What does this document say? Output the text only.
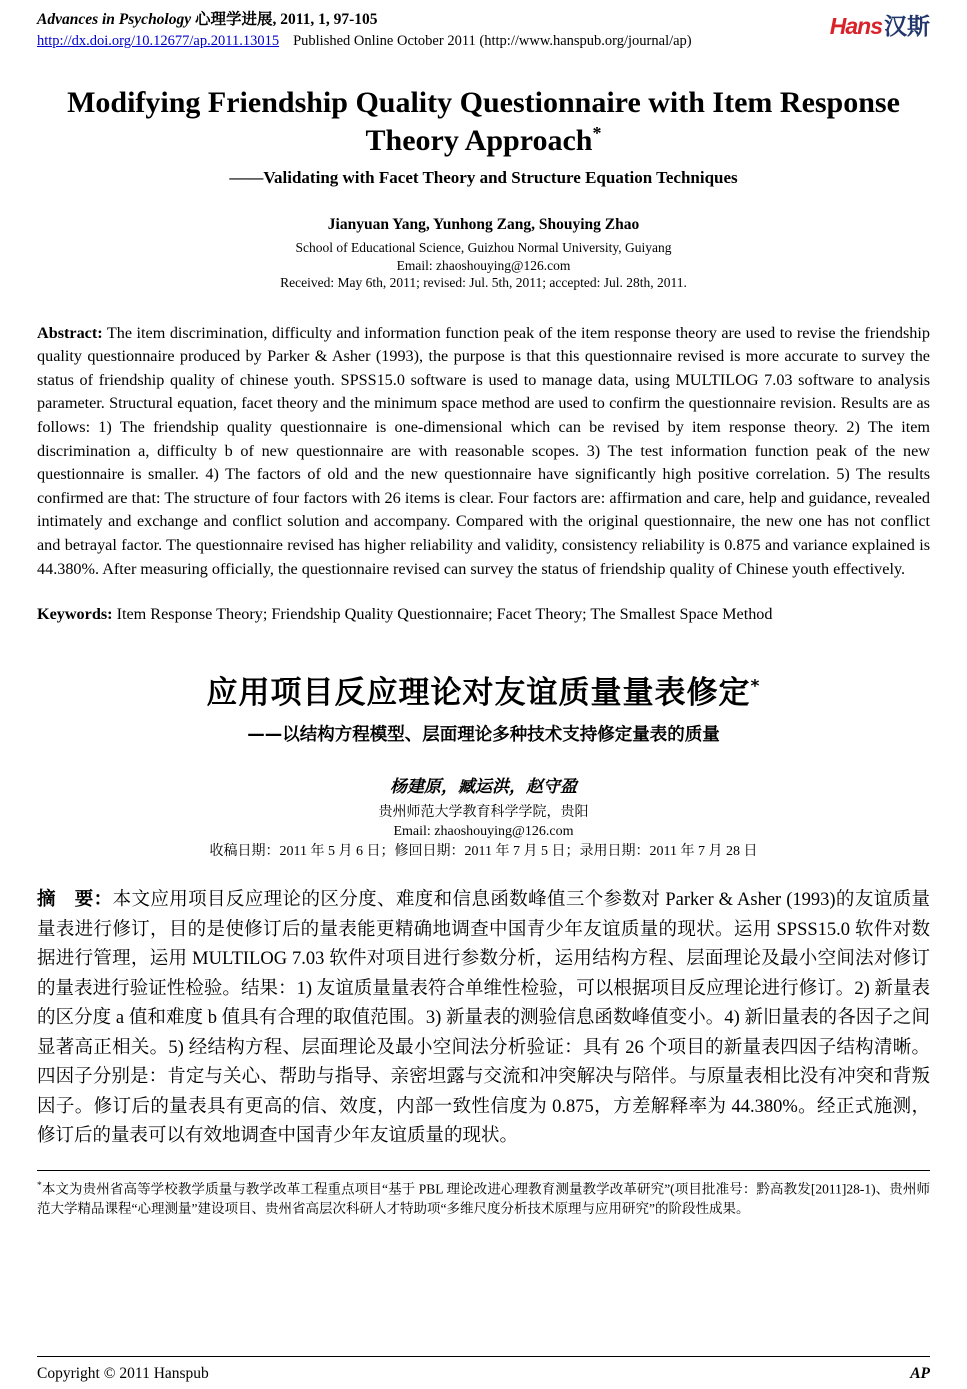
Advances in Psychology 心理学进展, 2011, 1, 97-105
http://dx.doi.org/10.12677/ap.2011.13015 Published Online October 2011 (http://www.hanspub.org/journal/ap)
Hans汉斯
Modifying Friendship Quality Questionnaire with Item Response Theory Approach*
——Validating with Facet Theory and Structure Equation Techniques
Jianyuan Yang, Yunhong Zang, Shouying Zhao
School of Educational Science, Guizhou Normal University, Guiyang
Email: zhaoshouying@126.com
Received: May 6th, 2011; revised: Jul. 5th, 2011; accepted: Jul. 28th, 2011.

Abstract: The item discrimination, difficulty and information function peak of the item response theory are used to revise the friendship quality questionnaire produced by Parker & Asher (1993), the purpose is that this questionnaire revised is more accurate to survey the status of friendship quality of chinese youth. SPSS15.0 software is used to manage data, using MULTILOG 7.03 software to analysis parameter. Structural equation, facet theory and the minimum space method are used to confirm the questionnaire revision. Results are as follows: 1) The friendship quality questionnaire is one-dimensional which can be revised by item response theory. 2) The item discrimination a, difficulty b of new questionnaire are with reasonable scopes. 3) The test information function peak of the new questionnaire is smaller. 4) The factors of old and the new questionnaire have significantly high positive correlation. 5) The results confirmed are that: The structure of four factors with 26 items is clear. Four factors are: affirmation and care, help and guidance, revealed intimately and exchange and conflict solution and accompany. Compared with the original questionnaire, the new one has not conflict and betrayal factor. The questionnaire revised has higher reliability and validity, consistency reliability is 0.875 and variance explained is 44.380%. After measuring officially, the questionnaire revised can survey the status of friendship quality of Chinese youth effectively.

Keywords: Item Response Theory; Friendship Quality Questionnaire; Facet Theory; The Smallest Space Method

应用项目反应理论对友谊质量量表修定*
——以结构方程模型、层面理论多种技术支持修定量表的质量
杨建原，臧运洪，赵守盈
贵州师范大学教育科学学院，贵阳
Email: zhaoshouying@126.com
收稿日期：2011 年 5 月 6 日；修回日期：2011 年 7 月 5 日；录用日期：2011 年 7 月 28 日

摘　要：本文应用项目反应理论的区分度、难度和信息函数峰值三个参数对 Parker & Asher (1993)的友谊质量量表进行修订，目的是使修订后的量表能更精确地调查中国青少年友谊质量的现状。运用 SPSS15.0 软件对数据进行管理，运用 MULTILOG 7.03 软件对项目进行参数分析，运用结构方程、层面理论及最小空间法对修订的量表进行验证性检验。结果：1) 友谊质量量表符合单维性检验，可以根据项目反应理论进行修订。2) 新量表的区分度 a 值和难度 b 值具有合理的取值范围。3) 新量表的测验信息函数峰值变小。4) 新旧量表的各因子之间显著高正相关。5) 经结构方程、层面理论及最小空间法分析验证：具有 26 个项目的新量表四因子结构清晰。四因子分别是：肯定与关心、帮助与指导、亲密坦露与交流和冲突解决与陪伴。与原量表相比没有冲突和背叛因子。修订后的量表具有更高的信、效度，内部一致性信度为 0.875，方差解释率为 44.380%。经正式施测，修订后的量表可以有效地调查中国青少年友谊质量的现状。

*本文为贵州省高等学校教学质量与教学改革工程重点项目“基于 PBL 理论改进心理教育测量教学改革研究”(项目批准号：黔高教发[2011]28-1)、贵州师范大学精品课程“心理测量”建设项目、贵州省高层次科研人才特助项“多维尺度分析技术原理与应用研究”的阶段性成果。
Copyright © 2011 Hanspub	AP
